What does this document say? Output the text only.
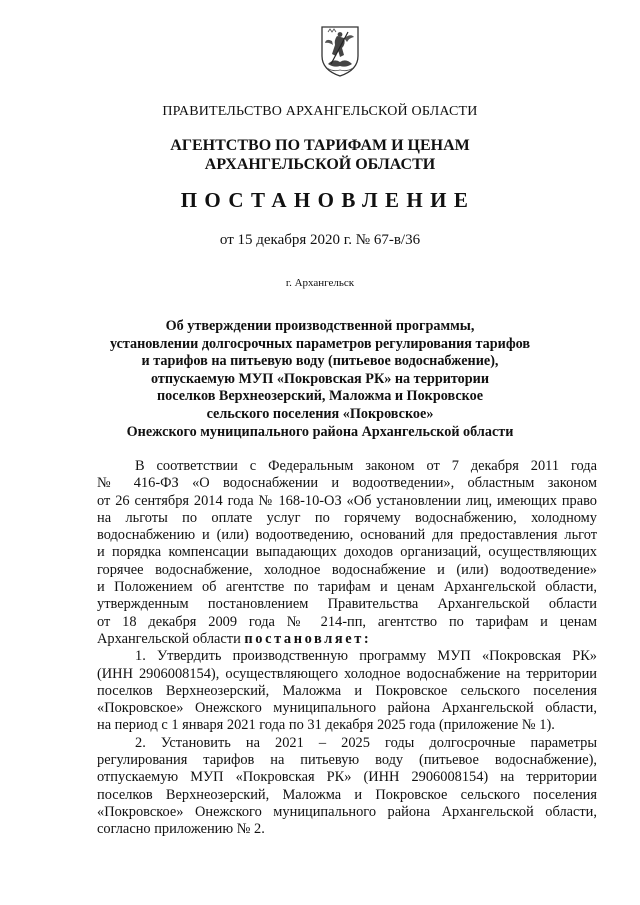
ПРАВИТЕЛЬСТВО АРХАНГЕЛЬСКОЙ ОБЛАСТИ
АГЕНТСТВО ПО ТАРИФАМ И ЦЕНАМ
АРХАНГЕЛЬСКОЙ ОБЛАСТИ
ПОСТАНОВЛЕНИЕ
от 15 декабря 2020 г. № 67-в/36
г. Архангельск
Об утверждении производственной программы,
установлении долгосрочных параметров регулирования тарифов
и тарифов на питьевую воду (питьевое водоснабжение),
отпускаемую МУП «Покровская РК» на территории
поселков Верхнеозерский, Маложма и Покровское
сельского поселения «Покровское»
Онежского муниципального района Архангельской области
В соответствии с Федеральным законом от 7 декабря 2011 года
№ 416-ФЗ «О водоснабжении и водоотведении», областным законом
от 26 сентября 2014 года № 168-10-ОЗ «Об установлении лиц, имеющих право
на льготы по оплате услуг по горячему водоснабжению, холодному
водоснабжению и (или) водоотведению, оснований для предоставления льгот
и порядка компенсации выпадающих доходов организаций, осуществляющих
горячее водоснабжение, холодное водоснабжение и (или) водоотведение»
и Положением об агентстве по тарифам и ценам Архангельской области,
утвержденным постановлением Правительства Архангельской области
от 18 декабря 2009 года № 214-пп, агентство по тарифам и ценам
Архангельской области постановляет:
1. Утвердить производственную программу МУП «Покровская РК»
(ИНН 2906008154), осуществляющего холодное водоснабжение на территории
поселков Верхнеозерский, Маложма и Покровское сельского поселения
«Покровское» Онежского муниципального района Архангельской области,
на период с 1 января 2021 года по 31 декабря 2025 года (приложение № 1).
2. Установить на 2021 – 2025 годы долгосрочные параметры
регулирования тарифов на питьевую воду (питьевое водоснабжение),
отпускаемую МУП «Покровская РК» (ИНН 2906008154) на территории
поселков Верхнеозерский, Маложма и Покровское сельского поселения
«Покровское» Онежского муниципального района Архангельской области,
согласно приложению № 2.
